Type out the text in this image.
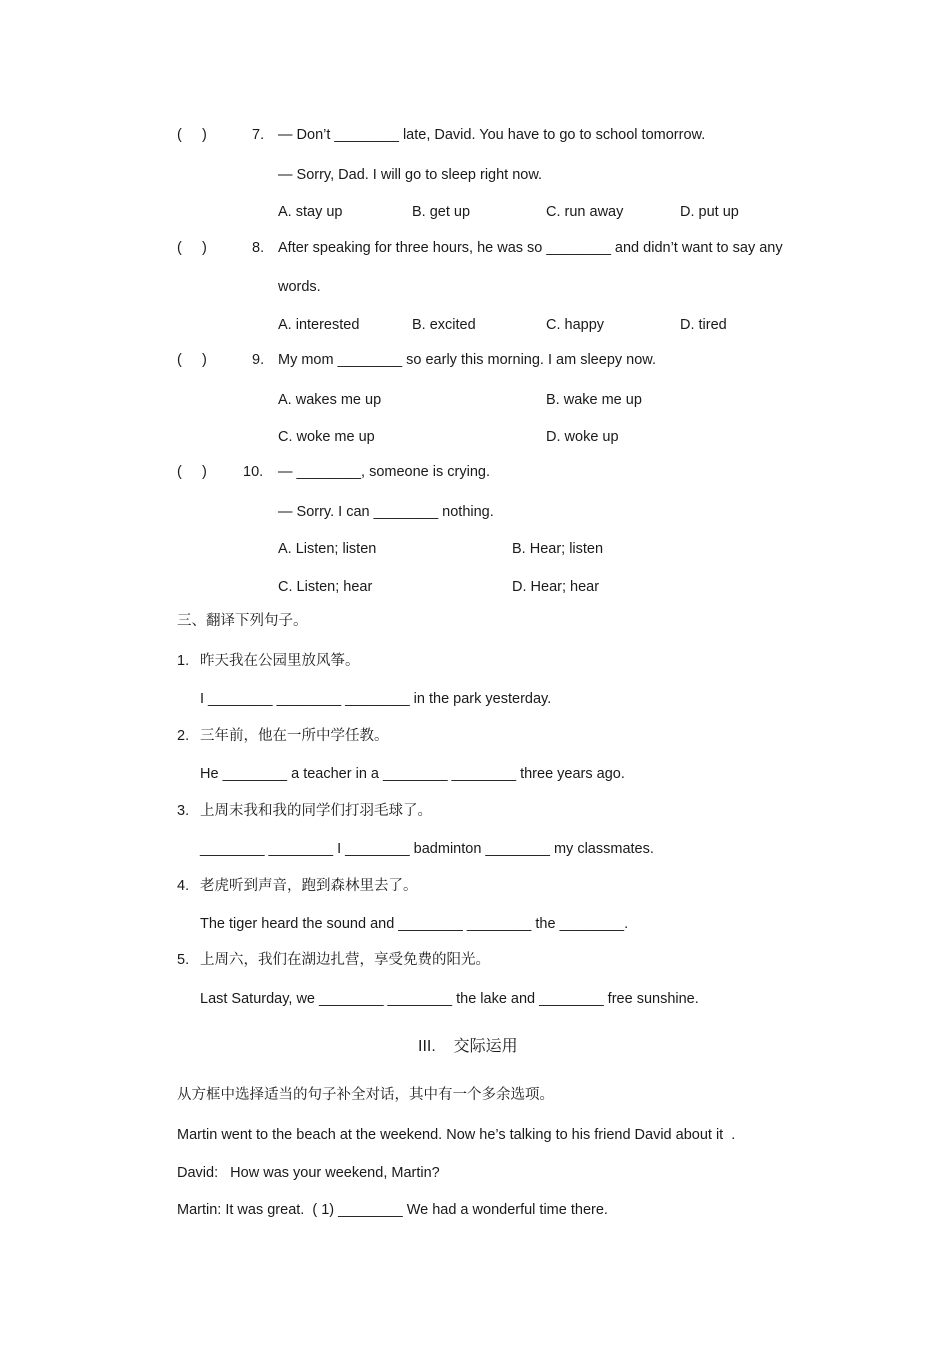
(     )	7. — Don’t ________ late, David. You have to go to school tomorrow.
— Sorry, Dad. I will go to sleep right now.
A. stay up	B. get up	C. run away	D. put up
(     )	8. After speaking for three hours, he was so ________ and didn’t want to say any
words.
A. interested	B. excited	C. happy	D. tired
(     )	9. My mom ________ so early this morning. I am sleepy now.
A. wakes me up	B. wake me up
C. woke me up	D. woke up
(     ) 10. — ________, someone is crying.
— Sorry. I can ________ nothing.
A. Listen; listen	B. Hear; listen
C. Listen; hear	D. Hear; hear
三、翻译下列句子。
1. 昨天我在公园里放风筝。
I ________ ________ ________ in the park yesterday.
2. 三年前，他在一所中学任教。
He ________ a teacher in a ________ ________ three years ago.
3. 上周末我和我的同学们打羽毛球了。
________ ________ I ________ badminton ________ my classmates.
4. 老虎听到声音，跑到森林里去了。
The tiger heard the sound and ________ ________ the ________.
5. 上周六，我们在湖边扎营，享受免费的阳光。
Last Saturday, we ________ ________ the lake and ________ free sunshine.
III.    交际运用
从方框中选择适当的句子补全对话，其中有一个多余选项。
Martin went to the beach at the weekend. Now he’s talking to his friend David about it  .
David:   How was your weekend, Martin?
Martin: It was great.  ( 1) ________ We had a wonderful time there.
